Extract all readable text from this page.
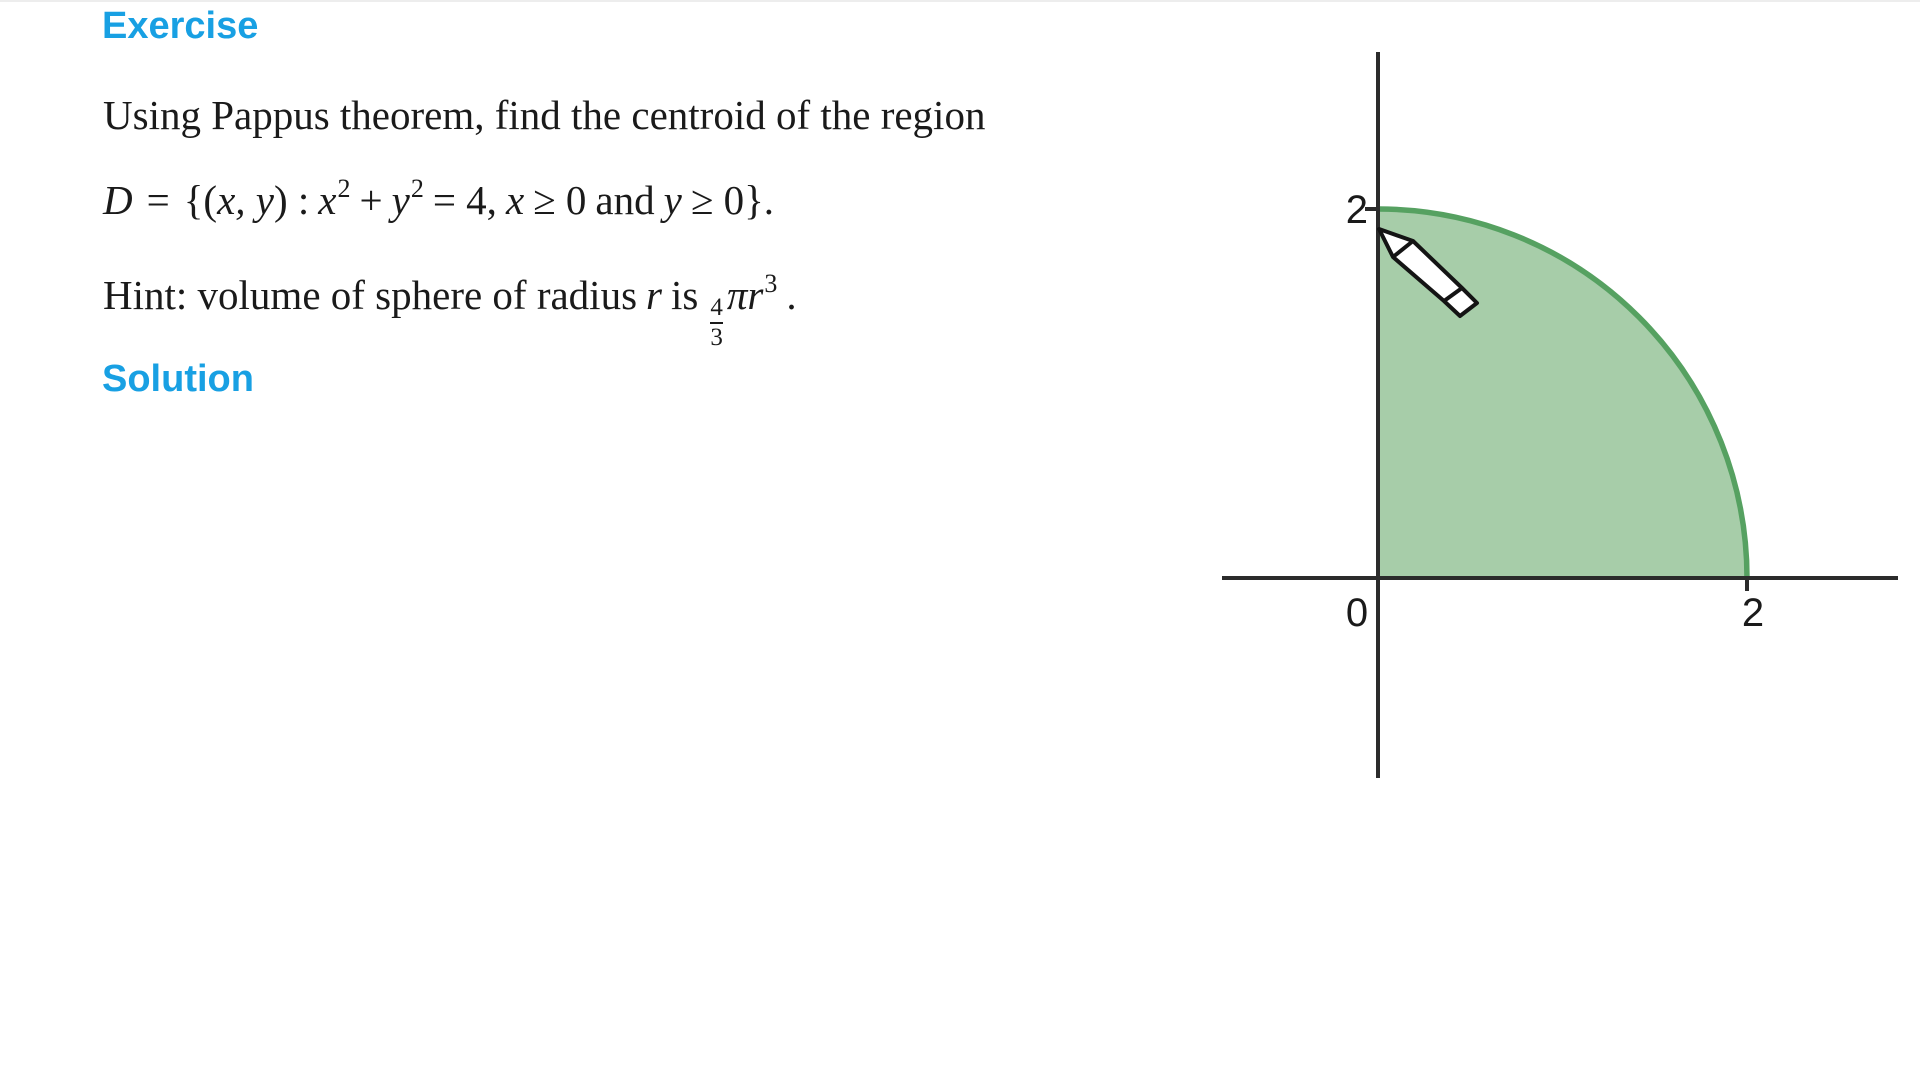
Exercise
Using Pappus theorem, find the centroid of the region
D = {( x, y ) : x 2 + y 2 = 4, x ≥ 0 and y ≥ 0 }.
Hint: volume of sphere of radius r is $\frac{4}{3}$ πr 3 .
Solution
2
0	2
